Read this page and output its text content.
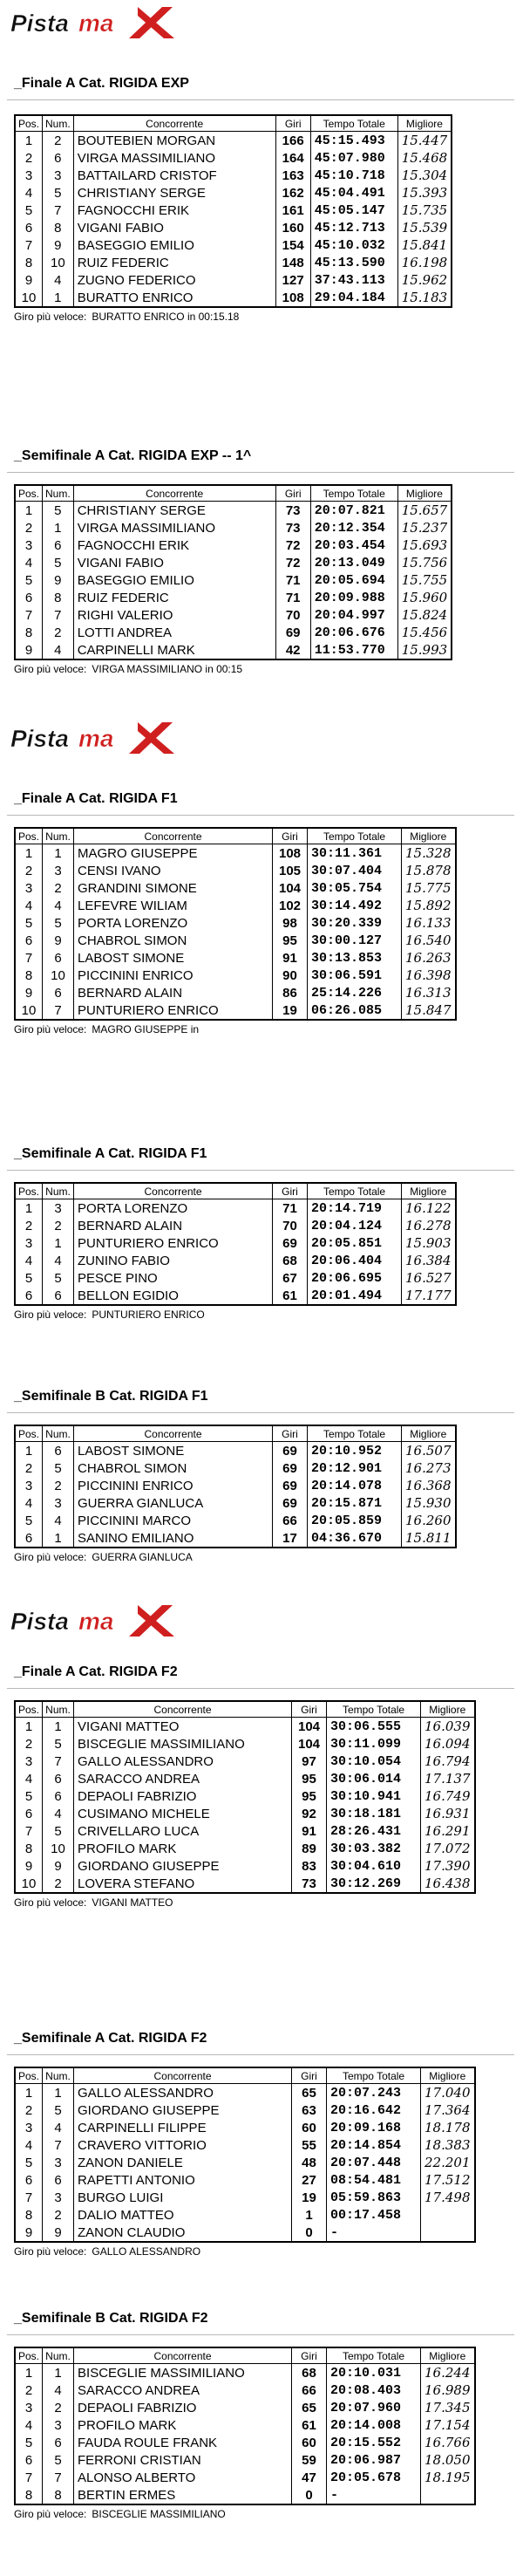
Pista ma
Pista ma
Pista ma
_Finale A Cat. RIGIDA EXP
Pos.	Num.	Concorrente	Giri	Tempo Totale	Migliore
1	2	BOUTEBIEN MORGAN	166	45:15.493	15.447
2	6	VIRGA MASSIMILIANO	164	45:07.980	15.468
3	3	BATTAILARD CRISTOF	163	45:10.718	15.304
4	5	CHRISTIANY SERGE	162	45:04.491	15.393
5	7	FAGNOCCHI ERIK	161	45:05.147	15.735
6	8	VIGANI FABIO	160	45:12.713	15.539
7	9	BASEGGIO EMILIO	154	45:10.032	15.841
8	10	RUIZ FEDERIC	148	45:13.590	16.198
9	4	ZUGNO FEDERICO	127	37:43.113	15.962
10	1	BURATTO ENRICO	108	29:04.184	15.183
Giro più veloce: BURATTO ENRICO in 00:15.18
_Semifinale A Cat. RIGIDA EXP -- 1^
Pos.	Num.	Concorrente	Giri	Tempo Totale	Migliore
1	5	CHRISTIANY SERGE	73	20:07.821	15.657
2	1	VIRGA MASSIMILIANO	73	20:12.354	15.237
3	6	FAGNOCCHI ERIK	72	20:03.454	15.693
4	5	VIGANI FABIO	72	20:13.049	15.756
5	9	BASEGGIO EMILIO	71	20:05.694	15.755
6	8	RUIZ FEDERIC	71	20:09.988	15.960
7	7	RIGHI VALERIO	70	20:04.997	15.824
8	2	LOTTI ANDREA	69	20:06.676	15.456
9	4	CARPINELLI MARK	42	11:53.770	15.993
Giro più veloce: VIRGA MASSIMILIANO in 00:15
_Finale A Cat. RIGIDA F1
Pos.	Num.	Concorrente	Giri	Tempo Totale	Migliore
1	1	MAGRO GIUSEPPE	108	30:11.361	15.328
2	3	CENSI IVANO	105	30:07.404	15.878
3	2	GRANDINI SIMONE	104	30:05.754	15.775
4	4	LEFEVRE WILIAM	102	30:14.492	15.892
5	5	PORTA LORENZO	98	30:20.339	16.133
6	9	CHABROL SIMON	95	30:00.127	16.540
7	6	LABOST SIMONE	91	30:13.853	16.263
8	10	PICCININI ENRICO	90	30:06.591	16.398
9	6	BERNARD ALAIN	86	25:14.226	16.313
10	7	PUNTURIERO ENRICO	19	06:26.085	15.847
Giro più veloce: MAGRO GIUSEPPE in
_Semifinale A Cat. RIGIDA F1
Pos.	Num.	Concorrente	Giri	Tempo Totale	Migliore
1	3	PORTA LORENZO	71	20:14.719	16.122
2	2	BERNARD ALAIN	70	20:04.124	16.278
3	1	PUNTURIERO ENRICO	69	20:05.851	15.903
4	4	ZUNINO FABIO	68	20:06.404	16.384
5	5	PESCE PINO	67	20:06.695	16.527
6	6	BELLON EGIDIO	61	20:01.494	17.177
Giro più veloce: PUNTURIERO ENRICO
_Semifinale B Cat. RIGIDA F1
Pos.	Num.	Concorrente	Giri	Tempo Totale	Migliore
1	6	LABOST SIMONE	69	20:10.952	16.507
2	5	CHABROL SIMON	69	20:12.901	16.273
3	2	PICCININI ENRICO	69	20:14.078	16.368
4	3	GUERRA GIANLUCA	69	20:15.871	15.930
5	4	PICCININI MARCO	66	20:05.859	16.260
6	1	SANINO EMILIANO	17	04:36.670	15.811
Giro più veloce: GUERRA GIANLUCA
_Finale A Cat. RIGIDA F2
Pos.	Num.	Concorrente	Giri	Tempo Totale	Migliore
1	1	VIGANI MATTEO	104	30:06.555	16.039
2	5	BISCEGLIE MASSIMILIANO	104	30:11.099	16.094
3	7	GALLO ALESSANDRO	97	30:10.054	16.794
4	6	SARACCO ANDREA	95	30:06.014	17.137
5	6	DEPAOLI FABRIZIO	95	30:10.941	16.749
6	4	CUSIMANO MICHELE	92	30:18.181	16.931
7	5	CRIVELLARO LUCA	91	28:26.431	16.291
8	10	PROFILO MARK	89	30:03.382	17.072
9	9	GIORDANO GIUSEPPE	83	30:04.610	17.390
10	2	LOVERA STEFANO	73	30:12.269	16.438
Giro più veloce: VIGANI MATTEO
_Semifinale A Cat. RIGIDA F2
Pos.	Num.	Concorrente	Giri	Tempo Totale	Migliore
1	1	GALLO ALESSANDRO	65	20:07.243	17.040
2	5	GIORDANO GIUSEPPE	63	20:16.642	17.364
3	4	CARPINELLI FILIPPE	60	20:09.168	18.178
4	7	CRAVERO VITTORIO	55	20:14.854	18.383
5	3	ZANON DANIELE	48	20:07.448	22.201
6	6	RAPETTI ANTONIO	27	08:54.481	17.512
7	3	BURGO LUIGI	19	05:59.863	17.498
8	2	DALIO MATTEO	1	00:17.458	
9	9	ZANON CLAUDIO	0	-	
Giro più veloce: GALLO ALESSANDRO
_Semifinale B Cat. RIGIDA F2
Pos.	Num.	Concorrente	Giri	Tempo Totale	Migliore
1	1	BISCEGLIE MASSIMILIANO	68	20:10.031	16.244
2	4	SARACCO ANDREA	66	20:08.403	16.989
3	2	DEPAOLI FABRIZIO	65	20:07.960	17.345
4	3	PROFILO MARK	61	20:14.008	17.154
5	6	FAUDA ROULE FRANK	60	20:15.552	16.766
6	5	FERRONI CRISTIAN	59	20:06.987	18.050
7	7	ALONSO ALBERTO	47	20:05.678	18.195
8	8	BERTIN ERMES	0	-	
Giro più veloce: BISCEGLIE MASSIMILIANO
